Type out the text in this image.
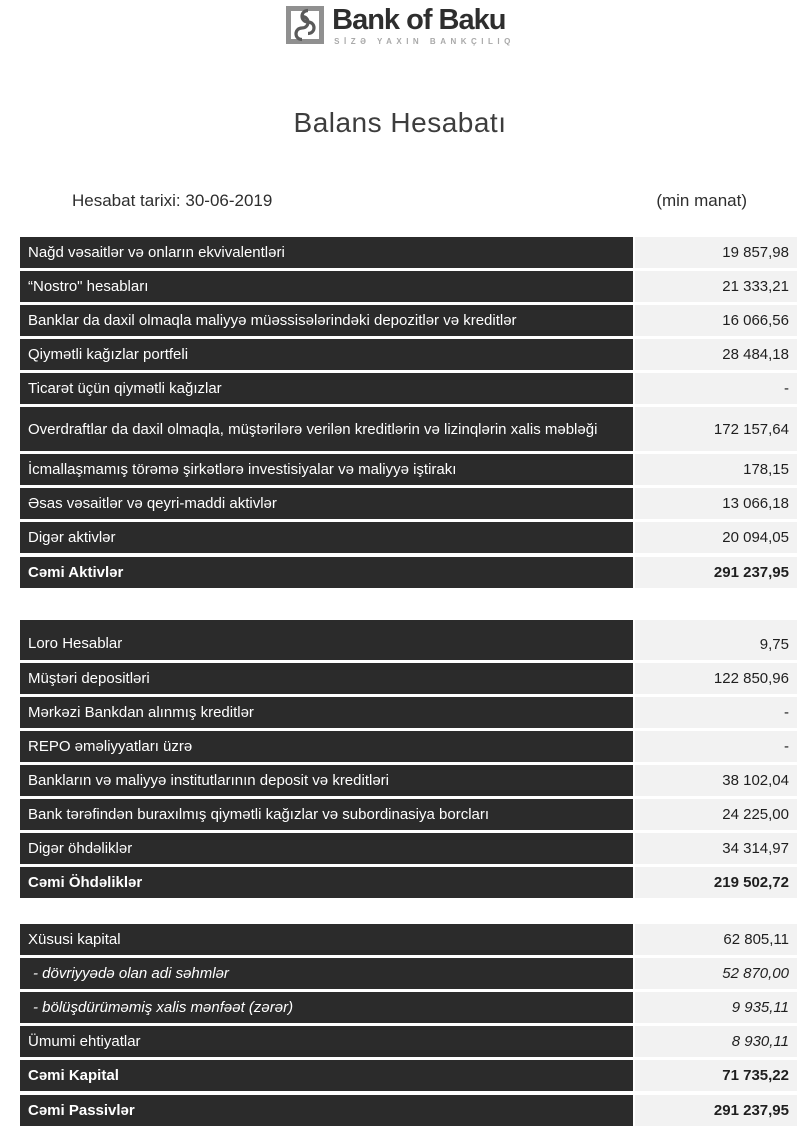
Bank of Baku
SİZƏ YAXIN BANKÇILIQ
Balans Hesabatı
Hesabat tarixi: 30-06-2019	(min manat)
Nağd vəsaitlər və onların ekvivalentləri	19 857,98
“Nostro" hesabları	21 333,21
Banklar da daxil olmaqla maliyyə müəssisələrindəki depozitlər və kreditlər	16 066,56
Qiymətli kağızlar portfeli	28 484,18
Ticarət üçün qiymətli kağızlar	-
Overdraftlar da daxil olmaqla, müştərilərə verilən kreditlərin və lizinqlərin xalis məbləği	172 157,64
İcmallaşmamış törəmə şirkətlərə investisiyalar və maliyyə iştirakı	178,15
Əsas vəsaitlər və qeyri-maddi aktivlər	13 066,18
Digər aktivlər	20 094,05
Cəmi Aktivlər	291 237,95
Loro Hesablar	9,75
Müştəri depositləri	122 850,96
Mərkəzi Bankdan alınmış kreditlər	-
REPO əməliyyatları üzrə	-
Bankların və maliyyə institutlarının deposit və kreditləri	38 102,04
Bank tərəfindən buraxılmış qiymətli kağızlar və subordinasiya borcları	24 225,00
Digər öhdəliklər	34 314,97
Cəmi Öhdəliklər	219 502,72
Xüsusi kapital	62 805,11
- dövriyyədə olan adi səhmlər	52 870,00
- bölüşdürüməmiş xalis mənfəət (zərər)	9 935,11
Ümumi ehtiyatlar	8 930,11
Cəmi Kapital	71 735,22
Cəmi Passivlər	291 237,95
